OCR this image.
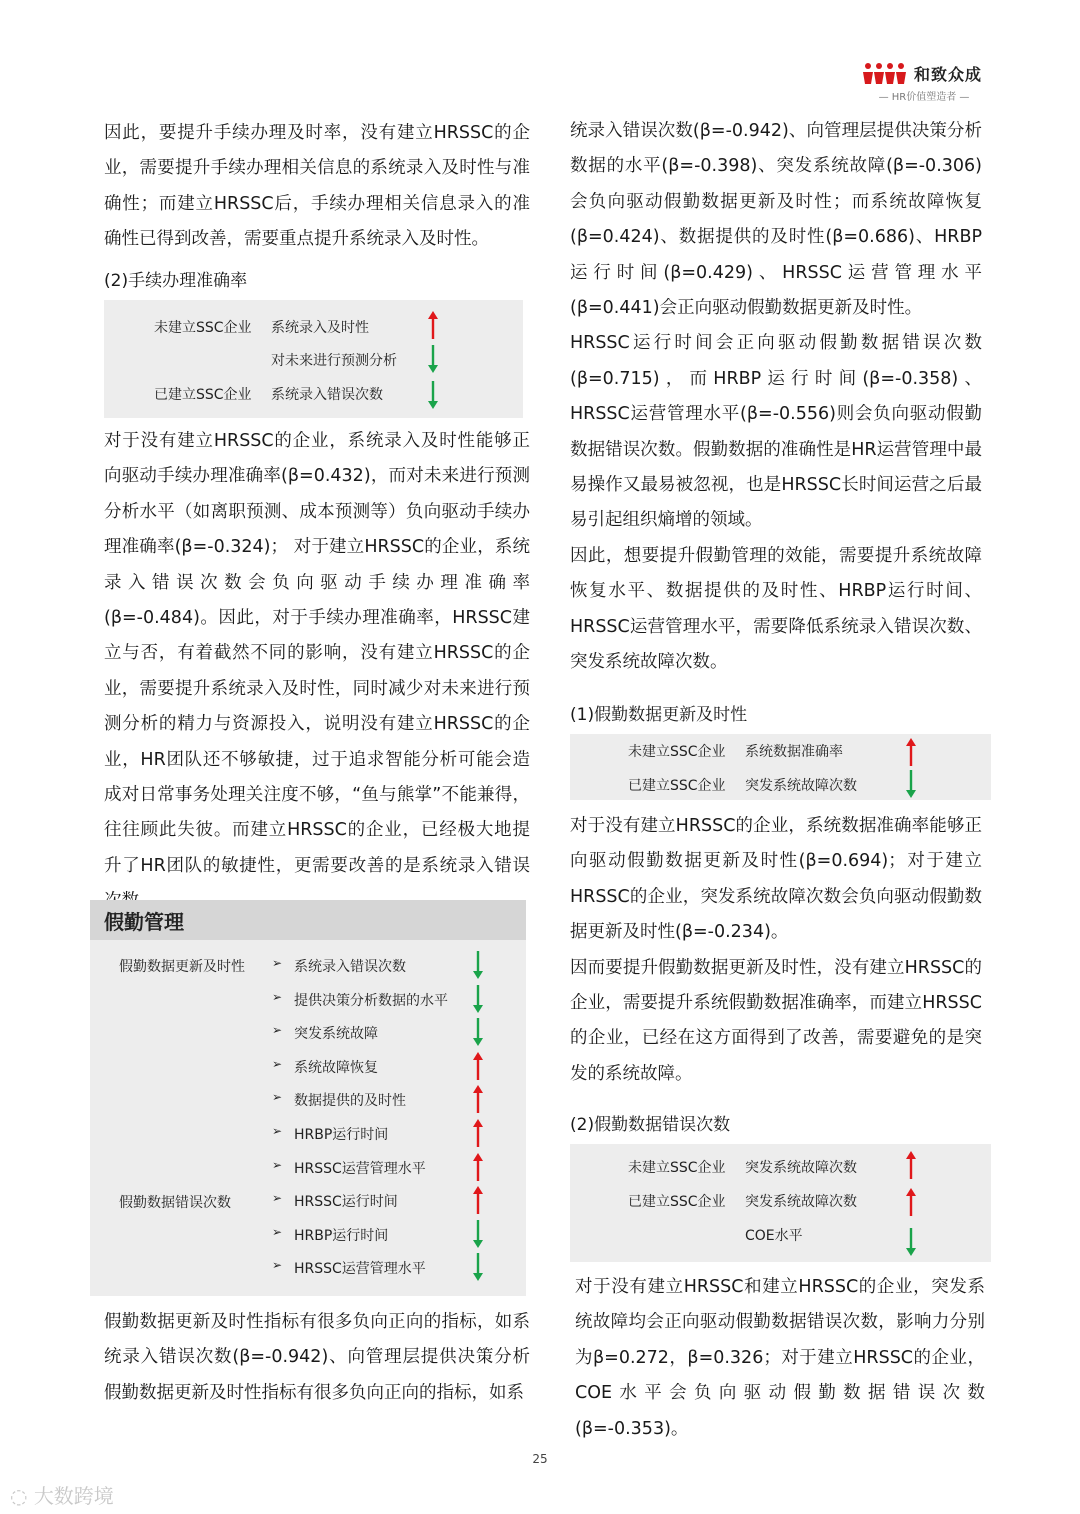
和致众成
— HR价值塑造者 —

因此，要提升手续办理及时率，没有建立HRSSC的企业，需要提升手续办理相关信息的系统录入及时性与准确性；而建立HRSSC后，手续办理相关信息录入的准确性已得到改善，需要重点提升系统录入及时性。

(2)手续办理准确率

未建立SSC企业 系统录入及时性
对未来进行预测分析
已建立SSC企业 系统录入错误次数

对于没有建立HRSSC的企业，系统录入及时性能够正向驱动手续办理准确率(β=0.432)，而对未来进行预测分析水平（如离职预测、成本预测等）负向驱动手续办理准确率(β=-0.324)； 对于建立HRSSC的企业，系统录入错误次数会负向驱动手续办理准确率(β=-0.484)。因此，对于手续办理准确率，HRSSC建立与否，有着截然不同的影响，没有建立HRSSC的企业，需要提升系统录入及时性，同时减少对未来进行预测分析的精力与资源投入，说明没有建立HRSSC的企业，HR团队还不够敏捷，过于追求智能分析可能会造成对日常事务处理关注度不够，“鱼与熊掌”不能兼得，往往顾此失彼。而建立HRSSC的企业，已经极大地提升了HR团队的敏捷性，更需要改善的是系统录入错误

假勤管理
假勤数据更新及时性
假勤数据错误次数
➢ 系统录入错误次数
➢ 提供决策分析数据的水平
➢ 突发系统故障
➢ 系统故障恢复
➢ 数据提供的及时性
➢ HRBP运行时间
➢ HRSSC运营管理水平
➢ HRSSC运行时间
➢ HRBP运行时间
➢ HRSSC运营管理水平

假勤数据更新及时性指标有很多负向正向的指标，如系统录入错误次数(β=-0.942)、向管理层提供决策分析假勤数据更新及时性指标有很多负向正向的指标，如系

统录入错误次数(β=-0.942)、向管理层提供决策分析数据的水平(β=-0.398)、突发系统故障(β=-0.306)会负向驱动假勤数据更新及时性；而系统故障恢复(β=0.424)、数据提供的及时性(β=0.686)、HRBP运行时间(β=0.429)、HRSSC运营管理水平(β=0.441)会正向驱动假勤数据更新及时性。

HRSSC运行时间会正向驱动假勤数据错误次数(β=0.715)，而HRBP运行时间(β=-0.358)、 HRSSC运营管理水平(β=-0.556)则会负向驱动假勤数据错误次数。假勤数据的准确性是HR运营管理中最易操作又最易被忽视，也是HRSSC长时间运营之后最易引起组织熵增的领域。

因此，想要提升假勤管理的效能，需要提升系统故障恢复水平、数据提供的及时性、HRBP运行时间、HRSSC运营管理水平，需要降低系统录入错误次数、突发系统故障次数。

(1)假勤数据更新及时性

未建立SSC企业 系统数据准确率
已建立SSC企业 突发系统故障次数

对于没有建立HRSSC的企业，系统数据准确率能够正向驱动假勤数据更新及时性(β=0.694)；对于建立HRSSC的企业，突发系统故障次数会负向驱动假勤数据更新及时性(β=-0.234)。

因而要提升假勤数据更新及时性，没有建立HRSSC的企业，需要提升系统假勤数据准确率，而建立HRSSC的企业，已经在这方面得到了改善，需要避免的是突发的系统故障。

(2)假勤数据错误次数

未建立SSC企业 突发系统故障次数
已建立SSC企业 突发系统故障次数
COE水平

对于没有建立HRSSC和建立HRSSC的企业，突发系统故障均会正向驱动假勤数据错误次数，影响力分别为β=0.272，β=0.326；对于建立HRSSC的企业，COE水平会负向驱动假勤数据错误次数(β=-0.353)。

25
◌ 大数跨境
